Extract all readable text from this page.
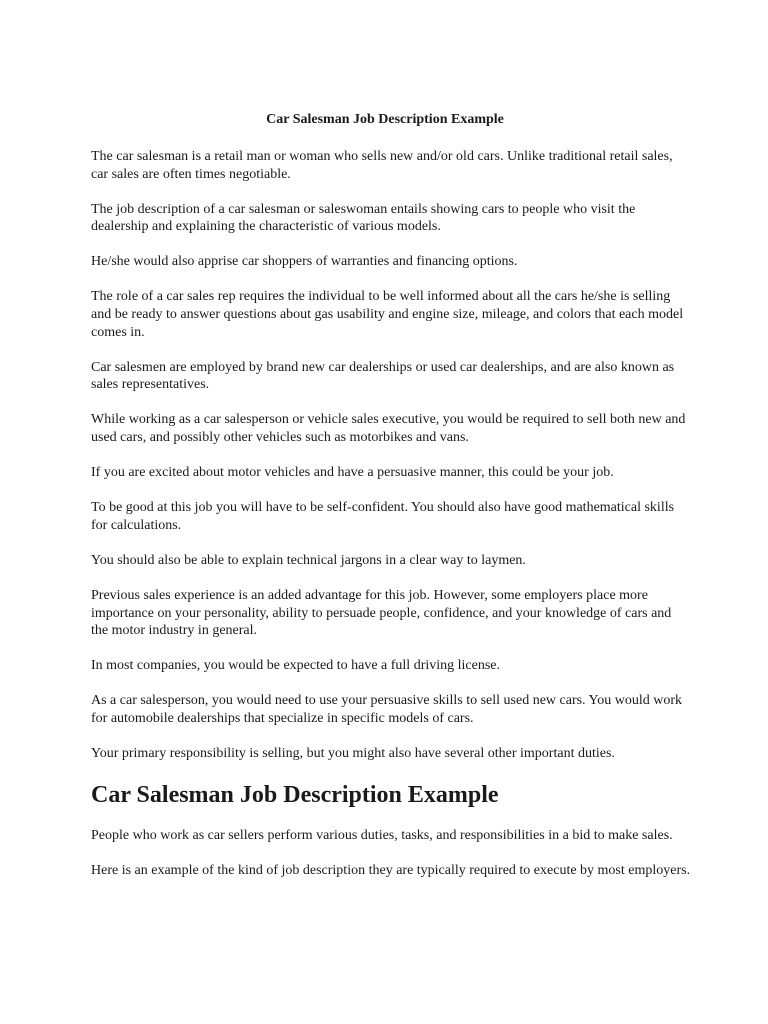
Car Salesman Job Description Example

The car salesman is a retail man or woman who sells new and/or old cars. Unlike traditional retail sales, car sales are often times negotiable.

The job description of a car salesman or saleswoman entails showing cars to people who visit the dealership and explaining the characteristic of various models.

He/she would also apprise car shoppers of warranties and financing options.

The role of a car sales rep requires the individual to be well informed about all the cars he/she is selling and be ready to answer questions about gas usability and engine size, mileage, and colors that each model comes in.

Car salesmen are employed by brand new car dealerships or used car dealerships, and are also known as sales representatives.

While working as a car salesperson or vehicle sales executive, you would be required to sell both new and used cars, and possibly other vehicles such as motorbikes and vans.

If you are excited about motor vehicles and have a persuasive manner, this could be your job.

To be good at this job you will have to be self-confident. You should also have good mathematical skills for calculations.

You should also be able to explain technical jargons in a clear way to laymen.

Previous sales experience is an added advantage for this job. However, some employers place more importance on your personality, ability to persuade people, confidence, and your knowledge of cars and the motor industry in general.

In most companies, you would be expected to have a full driving license.

As a car salesperson, you would need to use your persuasive skills to sell used new cars. You would work for automobile dealerships that specialize in specific models of cars.

Your primary responsibility is selling, but you might also have several other important duties.

Car Salesman Job Description Example

People who work as car sellers perform various duties, tasks, and responsibilities in a bid to make sales.

Here is an example of the kind of job description they are typically required to execute by most employers.
